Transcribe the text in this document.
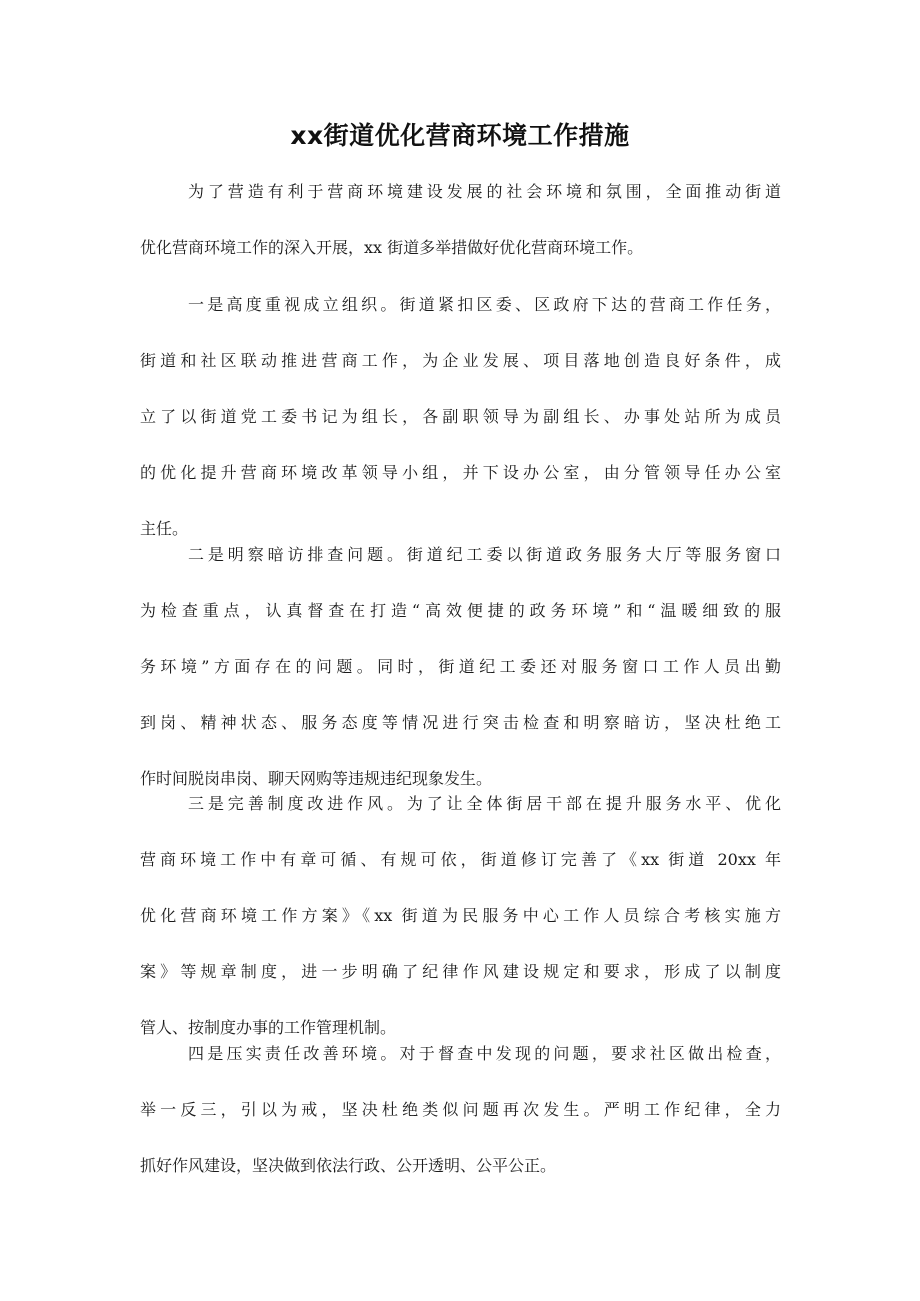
xx街道优化营商环境工作措施
为了营造有利于营商环境建设发展的社会环境和氛围，全面推动街道
优化营商环境工作的深入开展，xx 街道多举措做好优化营商环境工作。
一是高度重视成立组织。街道紧扣区委、区政府下达的营商工作任务，
街道和社区联动推进营商工作，为企业发展、项目落地创造良好条件，成
立了以街道党工委书记为组长，各副职领导为副组长、办事处站所为成员
的优化提升营商环境改革领导小组，并下设办公室，由分管领导任办公室
主任。
二是明察暗访排查问题。街道纪工委以街道政务服务大厅等服务窗口
为检查重点，认真督查在打造“高效便捷的政务环境”和“温暖细致的服
务环境”方面存在的问题。同时，街道纪工委还对服务窗口工作人员出勤
到岗、精神状态、服务态度等情况进行突击检查和明察暗访，坚决杜绝工
作时间脱岗串岗、聊天网购等违规违纪现象发生。
三是完善制度改进作风。为了让全体街居干部在提升服务水平、优化
营商环境工作中有章可循、有规可依，街道修订完善了《xx 街道 20xx 年
优化营商环境工作方案》《xx 街道为民服务中心工作人员综合考核实施方
案》等规章制度，进一步明确了纪律作风建设规定和要求，形成了以制度
管人、按制度办事的工作管理机制。
四是压实责任改善环境。对于督查中发现的问题，要求社区做出检查，
举一反三，引以为戒，坚决杜绝类似问题再次发生。严明工作纪律，全力
抓好作风建设，坚决做到依法行政、公开透明、公平公正。
